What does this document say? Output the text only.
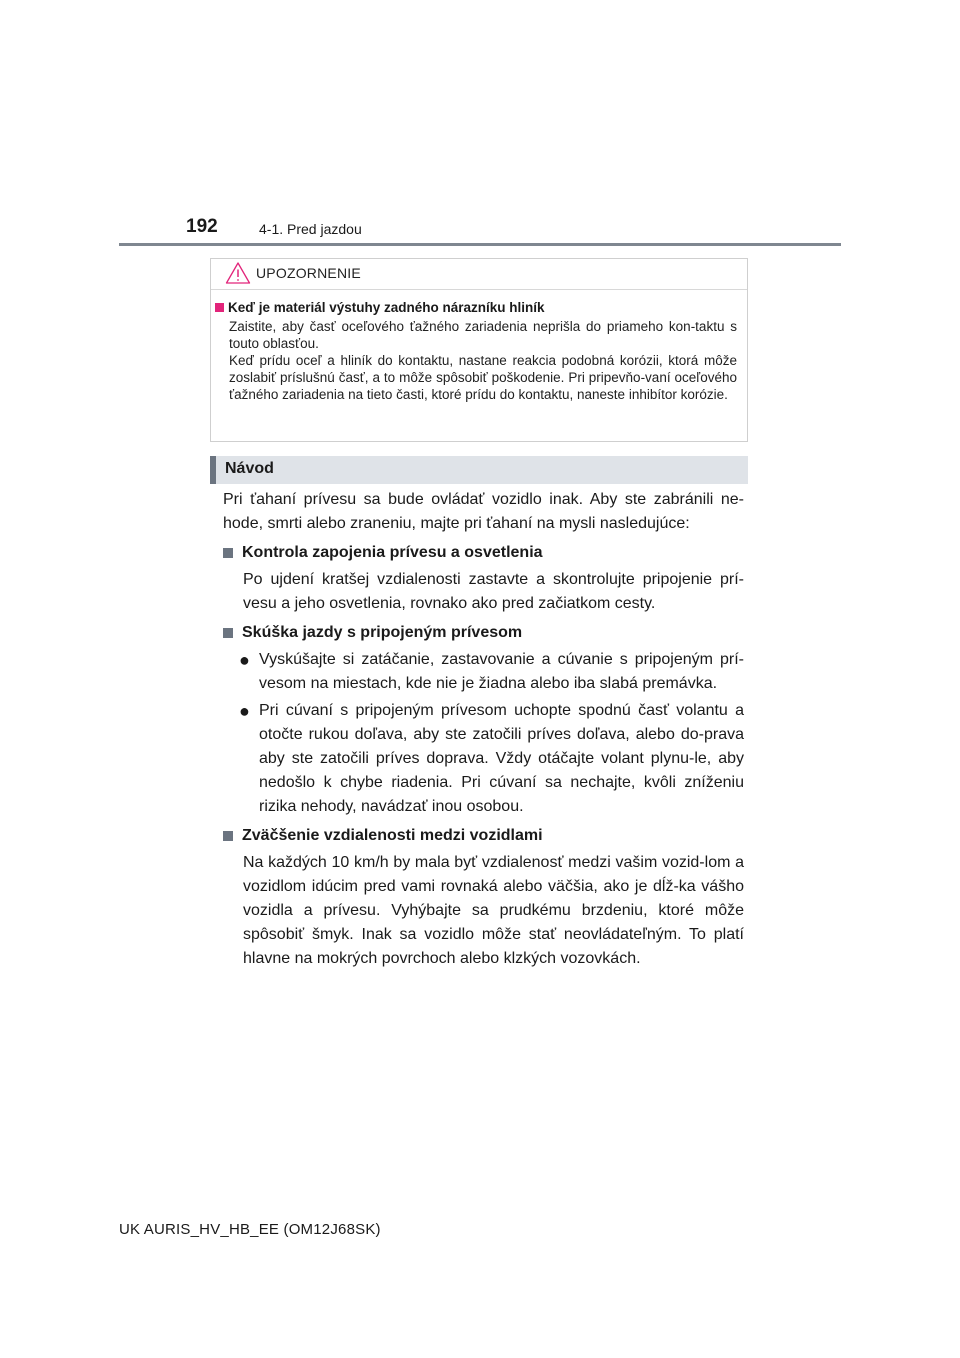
192	4-1. Pred jazdou
UPOZORNENIE
Keď je materiál výstuhy zadného nárazníku hliník

Zaistite, aby časť oceľového ťažného zariadenia neprišla do priameho kon-taktu s touto oblasťou.

Keď prídu oceľ a hliník do kontaktu, nastane reakcia podobná korózii, ktorá môže zoslabiť príslušnú časť, a to môže spôsobiť poškodenie. Pri pripevňo-vaní oceľového ťažného zariadenia na tieto časti, ktoré prídu do kontaktu, naneste inhibítor korózie.

Návod

Pri ťahaní prívesu sa bude ovládať vozidlo inak. Aby ste zabránili ne-hode, smrti alebo zraneniu, majte pri ťahaní na mysli nasledujúce:

Kontrola zapojenia prívesu a osvetlenia

Po ujdení kratšej vzdialenosti zastavte a skontrolujte pripojenie prí-vesu a jeho osvetlenia, rovnako ako pred začiatkom cesty.

Skúška jazdy s pripojeným prívesom
● Vyskúšajte si zatáčanie, zastavovanie a cúvanie s pripojeným prí-vesom na miestach, kde nie je žiadna alebo iba slabá premávka.

● Pri cúvaní s pripojeným prívesom uchopte spodnú časť volantu a otočte rukou doľava, aby ste zatočili príves doľava, alebo do-prava aby ste zatočili príves doprava. Vždy otáčajte volant plynu-le, aby nedošlo k chybe riadenia. Pri cúvaní sa nechajte, kvôli zníženiu rizika nehody, navádzať inou osobou.

Zväčšenie vzdialenosti medzi vozidlami

Na každých 10 km/h by mala byť vzdialenosť medzi vašim vozid-lom a vozidlom idúcim pred vami rovnaká alebo väčšia, ako je dĺž-ka vášho vozidla a prívesu. Vyhýbajte sa prudkému brzdeniu, ktoré môže spôsobiť šmyk. Inak sa vozidlo môže stať neovládateľným. To platí hlavne na mokrých povrchoch alebo klzkých vozovkách.

UK AURIS_HV_HB_EE (OM12J68SK)
